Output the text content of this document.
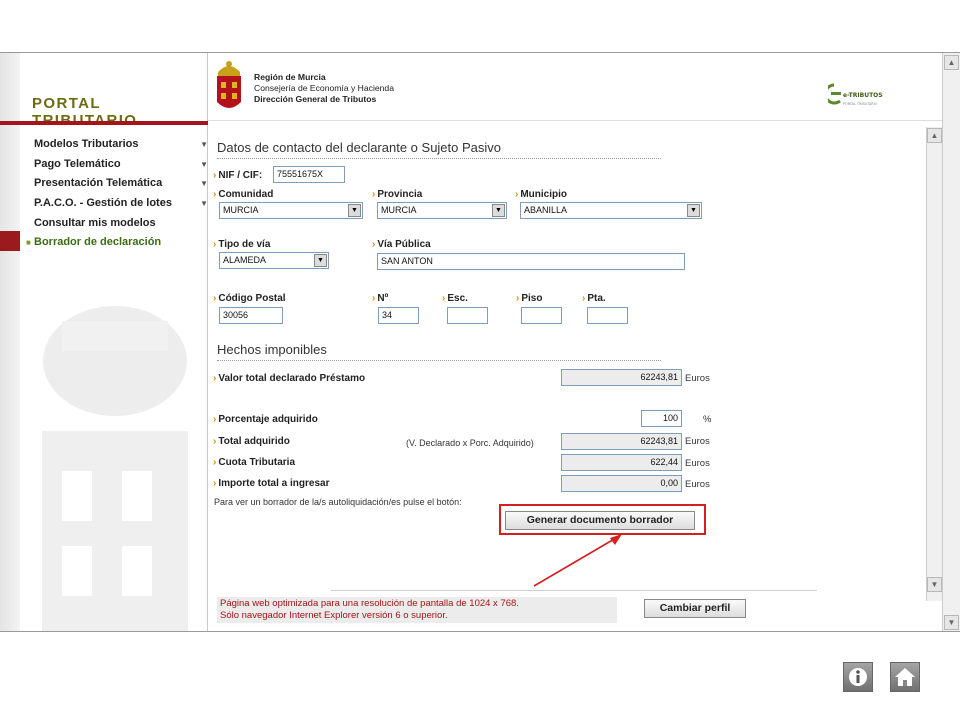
PORTAL
Modelos Tributarios	▼
Pago Telemático	▼
Presentación Telemática	▼
P.A.C.O. - Gestión de lotes	▼
Consultar mis modelos
■ Borrador de declaración
Región de Murcia
Consejería de Economía y Hacienda
Dirección General de Tributos	e-TRIBUTOS
PORTAL TRIBUTARIO
▲
▼
▲
▼
Datos de contacto del declarante o Sujeto Pasivo
› NIF / CIF:	75551675X
› Comunidad
MURCIA	▼
› Provincia
MURCIA	▼
› Municipio
ABANILLA	▼
› Tipo de vía
ALAMEDA	▼
› Vía Pública
SAN ANTON
› Código Postal
30056
› Nº
34
› Esc.	› Piso	› Pta.
Hechos imponibles
› Valor total declarado Préstamo	62243,81 Euros
› Porcentaje adquirido	100	%
› Total adquirido	(V. Declarado x Porc. Adquirido)	62243,81 Euros
› Cuota Tributaria	622,44 Euros
› Importe total a ingresar	0,00 Euros
Para ver un borrador de la/s autoliquidación/es pulse el botón:
Generar documento borrador
Página web optimizada para una resolución de pantalla de 1024 x 768.
Sólo navegador Internet Explorer versión 6 o superior.
Cambiar perfil
